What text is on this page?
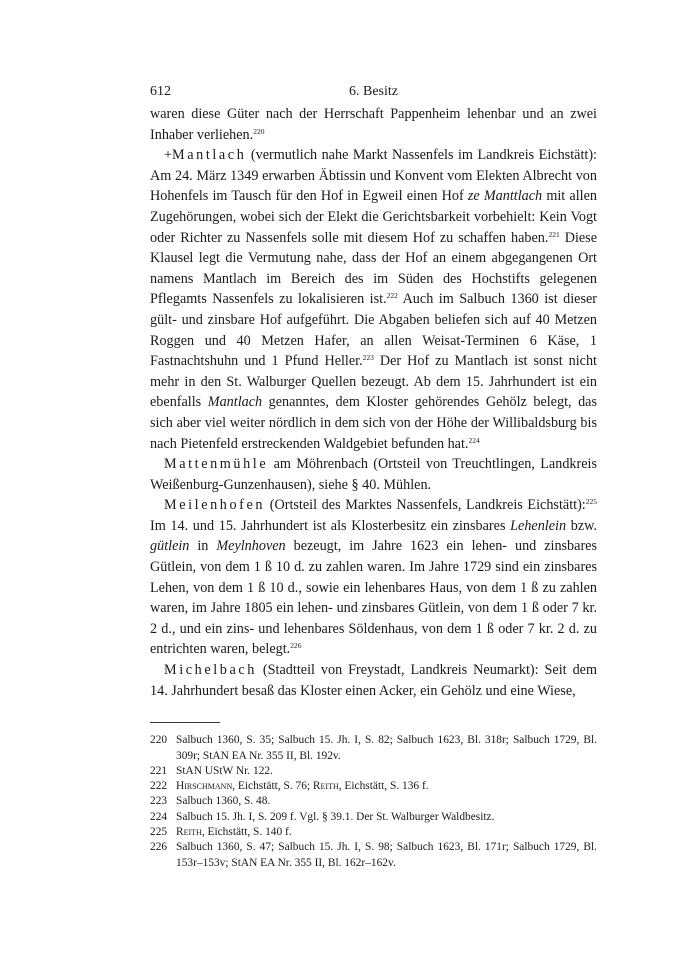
612	6. Besitz

waren diese Güter nach der Herrschaft Pappenheim lehenbar und an zwei Inhaber verliehen.$^{220}$

+Mantlach (vermutlich nahe Markt Nassenfels im Landkreis Eichstätt): Am 24. März 1349 erwarben Äbtissin und Konvent vom Elekten Albrecht von Hohenfels im Tausch für den Hof in Egweil einen Hof ze Manttlach mit allen Zugehörungen, wobei sich der Elekt die Gerichtsbarkeit vorbehielt: Kein Vogt oder Richter zu Nassenfels solle mit diesem Hof zu schaffen haben.$^{221}$ Diese Klausel legt die Vermutung nahe, dass der Hof an einem abgegangenen Ort namens Mantlach im Bereich des im Süden des Hochstifts gelegenen Pflegamts Nassenfels zu lokalisieren ist.$^{222}$ Auch im Salbuch 1360 ist dieser gült- und zinsbare Hof aufgeführt. Die Abgaben beliefen sich auf 40 Metzen Roggen und 40 Metzen Hafer, an allen Weisat-Terminen 6 Käse, 1 Fastnachtshuhn und 1 Pfund Heller.$^{223}$ Der Hof zu Mantlach ist sonst nicht mehr in den St. Walburger Quellen bezeugt. Ab dem 15. Jahrhundert ist ein ebenfalls Mantlach genanntes, dem Kloster gehörendes Gehölz belegt, das sich aber viel weiter nördlich in dem sich von der Höhe der Willibaldsburg bis nach Pietenfeld erstreckenden Waldgebiet befunden hat.$^{224}$

Mattenmühle am Möhrenbach (Ortsteil von Treuchtlingen, Landkreis Weißenburg-Gunzenhausen), siehe § 40. Mühlen.

Meilenhofen (Ortsteil des Marktes Nassenfels, Landkreis Eichstätt):$^{225}$ Im 14. und 15. Jahrhundert ist als Klosterbesitz ein zinsbares Lehenlein bzw. gütlein in Meylnhoven bezeugt, im Jahre 1623 ein lehen- und zinsbares Gütlein, von dem 1 ß 10 d. zu zahlen waren. Im Jahre 1729 sind ein zinsbares Lehen, von dem 1 ß 10 d., sowie ein lehenbares Haus, von dem 1 ß zu zahlen waren, im Jahre 1805 ein lehen- und zinsbares Gütlein, von dem 1 ß oder 7 kr. 2 d., und ein zins- und lehenbares Söldenhaus, von dem 1 ß oder 7 kr. 2 d. zu entrichten waren, belegt.$^{226}$

Michelbach (Stadtteil von Freystadt, Landkreis Neumarkt): Seit dem 14. Jahrhundert besaß das Kloster einen Acker, ein Gehölz und eine Wiese,

220 Salbuch 1360, S. 35; Salbuch 15. Jh. I, S. 82; Salbuch 1623, Bl. 318r; Salbuch 1729, Bl. 309r; StAN EA Nr. 355 II, Bl. 192v.
221 StAN UStW Nr. 122.
222 Hirschmann, Eichstätt, S. 76; Reith, Eichstätt, S. 136 f.
223 Salbuch 1360, S. 48.
224 Salbuch 15. Jh. I, S. 209 f. Vgl. § 39.1. Der St. Walburger Waldbesitz.
225 Reith, Eichstätt, S. 140 f.
226 Salbuch 1360, S. 47; Salbuch 15. Jh. I, S. 98; Salbuch 1623, Bl. 171r; Salbuch 1729, Bl. 153r–153v; StAN EA Nr. 355 II, Bl. 162r–162v.
